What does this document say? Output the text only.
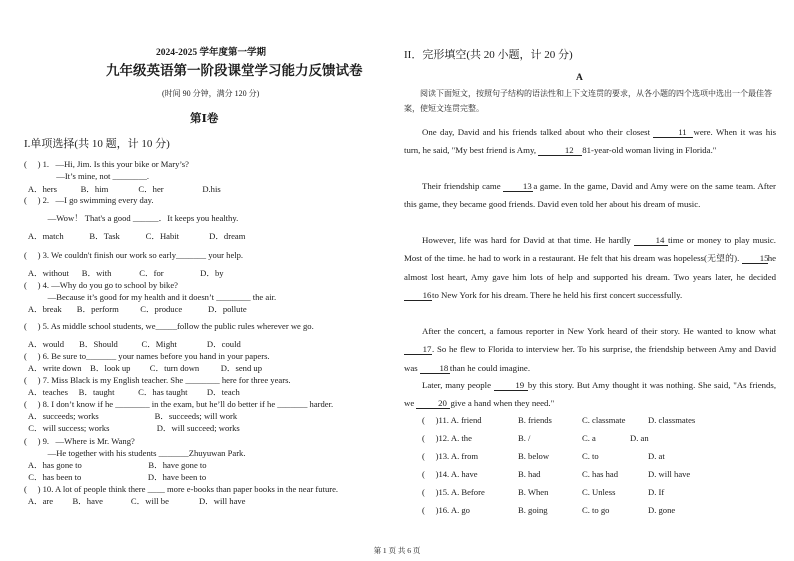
2024-2025 学年度第一学期
九年级英语第一阶段课堂学习能力反馈试卷
(时间 90 分钟，满分 120 分)
第Ⅰ卷
I.单项选择(共 10 题，计 10 分)
(     ) 1.   —Hi, Jim. Is this your bike or Mary’s?
—It’s mine, not ________.
A．hers           B．him              C．her                  D.his
(     ) 2.   —I go swimming every day.
—Wow！ That's a good ______．It keeps you healthy.
A．match            B．Task            C．Habit              D．dream
(     ) 3. We couldn't finish our work so early_______ your help.
A．without      B．with             C．for                 D．by
(     ) 4. —Why do you go to school by bike?
—Because it’s good for my health and it doesn’t ________ the air.
A．break       B．perform          C．produce            D．pollute
(     ) 5. As middle school students, we_____follow the public rules wherever we go.
A．would       B．Should           C．Might              D．could
(     ) 6. Be sure to_______ your names before you hand in your papers.
A．write down    B．look up         C．turn down          D．send up
(     ) 7. Miss Black is my English teacher. She ________ here for three years.
A．teaches     B．taught           C．has taught         D．teach
(     ) 8. I don’t know if he ________ in the exam, but he’ll do better if he _______ harder.
A．succeeds; works                          B．succeeds; will work
C．will success; works                      D．will succeed; works
(     ) 9.   —Where is Mr. Wang?
—He together with his students _______Zhuyuwan Park.
A．has gone to                               B．have gone to
C．has been to                               D．have been to
(     ) 10. A lot of people think there ____ more e-books than paper books in the near future.
A．are         B．have             C．will be              D．will have
II．完形填空(共 20 小题，计 20 分)
A
阅读下面短文，按照句子结构的语法性和上下文连贯的要求，从各小题的四个选项中选出一个最佳答案，使短文连贯完整。
One day, David and his friends talked about who their closest	11 were. When it was his turn, he said, "My best friend is Amy,	12 81-year-old woman living in Florida."
Their friendship came	13 a game. In the game, David and Amy were on the same team. After this game, they became good friends. David even told her about his dream of music.
However, life was hard for David at that time. He hardly	14 time or money to play music. Most of the time. he had to work in a restaurant. He felt that his dream was hopeless(无望的). 15he almost lost heart, Amy gave him lots of help and supported his dream. Two years later, he decided 16to New York for his dream. There he held his first concert successfully.
After the concert, a famous reporter in New York heard of their story. He wanted to know what 17. So he flew to Florida to interview her. To his surprise, the friendship between Amy and David was 18 than he could imagine.
Later, many people	19 by this story. But Amy thought it was nothing. She said, "As friends, we	20 give a hand when they need."
(     )11. A. friend	B. friends	C. classmate	D. classmates
(     )12. A. the	B. /	C. a	D. an
(     )13. A. from	B. below	C. to	D. at
(     )14. A. have	B. had	C. has had	D. will have
(     )15. A. Before	B. When	C. Unless	D. If
(     )16. A. go	B. going	C. to go	D. gone
第 1 页 共 6 页
